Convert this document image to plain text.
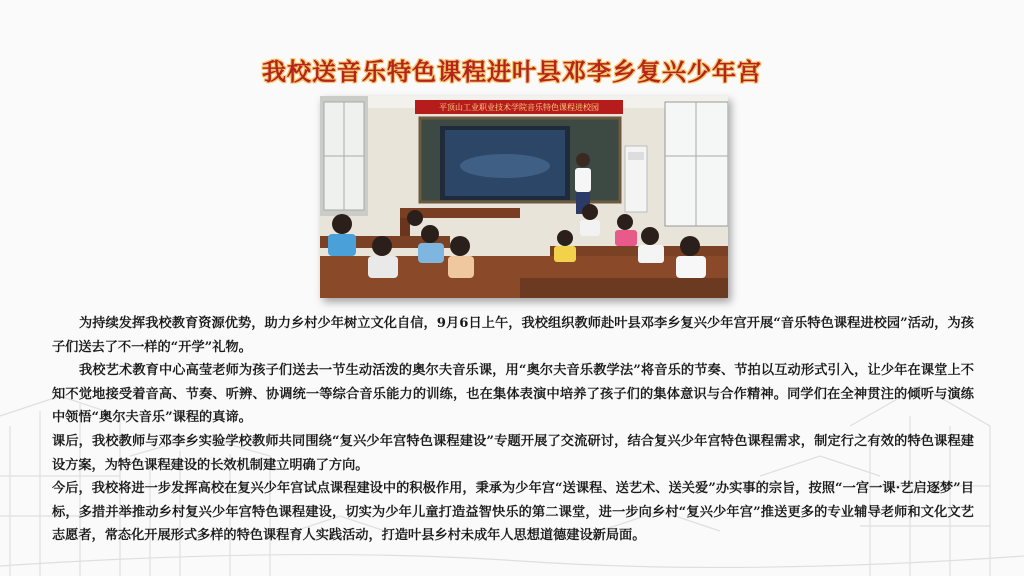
我校送音乐特色课程进叶县邓李乡复兴少年宫
平顶山工业职业技术学院音乐特色课程进校园

为持续发挥我校教育资源优势，助力乡村少年树立文化自信，9月6日上午，我校组织教师赴叶县邓李乡复兴少年宫开展“音乐特色课程进校园”活动，为孩子们送去了不一样的“开学”礼物。

我校艺术教育中心高莹老师为孩子们送去一节生动活泼的奥尔夫音乐课，用“奥尔夫音乐教学法”将音乐的节奏、节拍以互动形式引入，让少年在课堂上不知不觉地接受着音高、节奏、听辨、协调统一等综合音乐能力的训练，也在集体表演中培养了孩子们的集体意识与合作精神。同学们在全神贯注的倾听与演练中领悟“奥尔夫音乐”课程的真谛。

课后，我校教师与邓李乡实验学校教师共同围绕“复兴少年宫特色课程建设”专题开展了交流研讨，结合复兴少年宫特色课程需求，制定行之有效的特色课程建设方案，为特色课程建设的长效机制建立明确了方向。

今后，我校将进一步发挥高校在复兴少年宫试点课程建设中的积极作用，秉承为少年宫“送课程、送艺术、送关爱”办实事的宗旨，按照“一宫一课·艺启逐梦”目标，多措并举推动乡村复兴少年宫特色课程建设，切实为少年儿童打造益智快乐的第二课堂，进一步向乡村“复兴少年宫”推送更多的专业辅导老师和文化文艺志愿者，常态化开展形式多样的特色课程育人实践活动，打造叶县乡村未成年人思想道德建设新局面。
